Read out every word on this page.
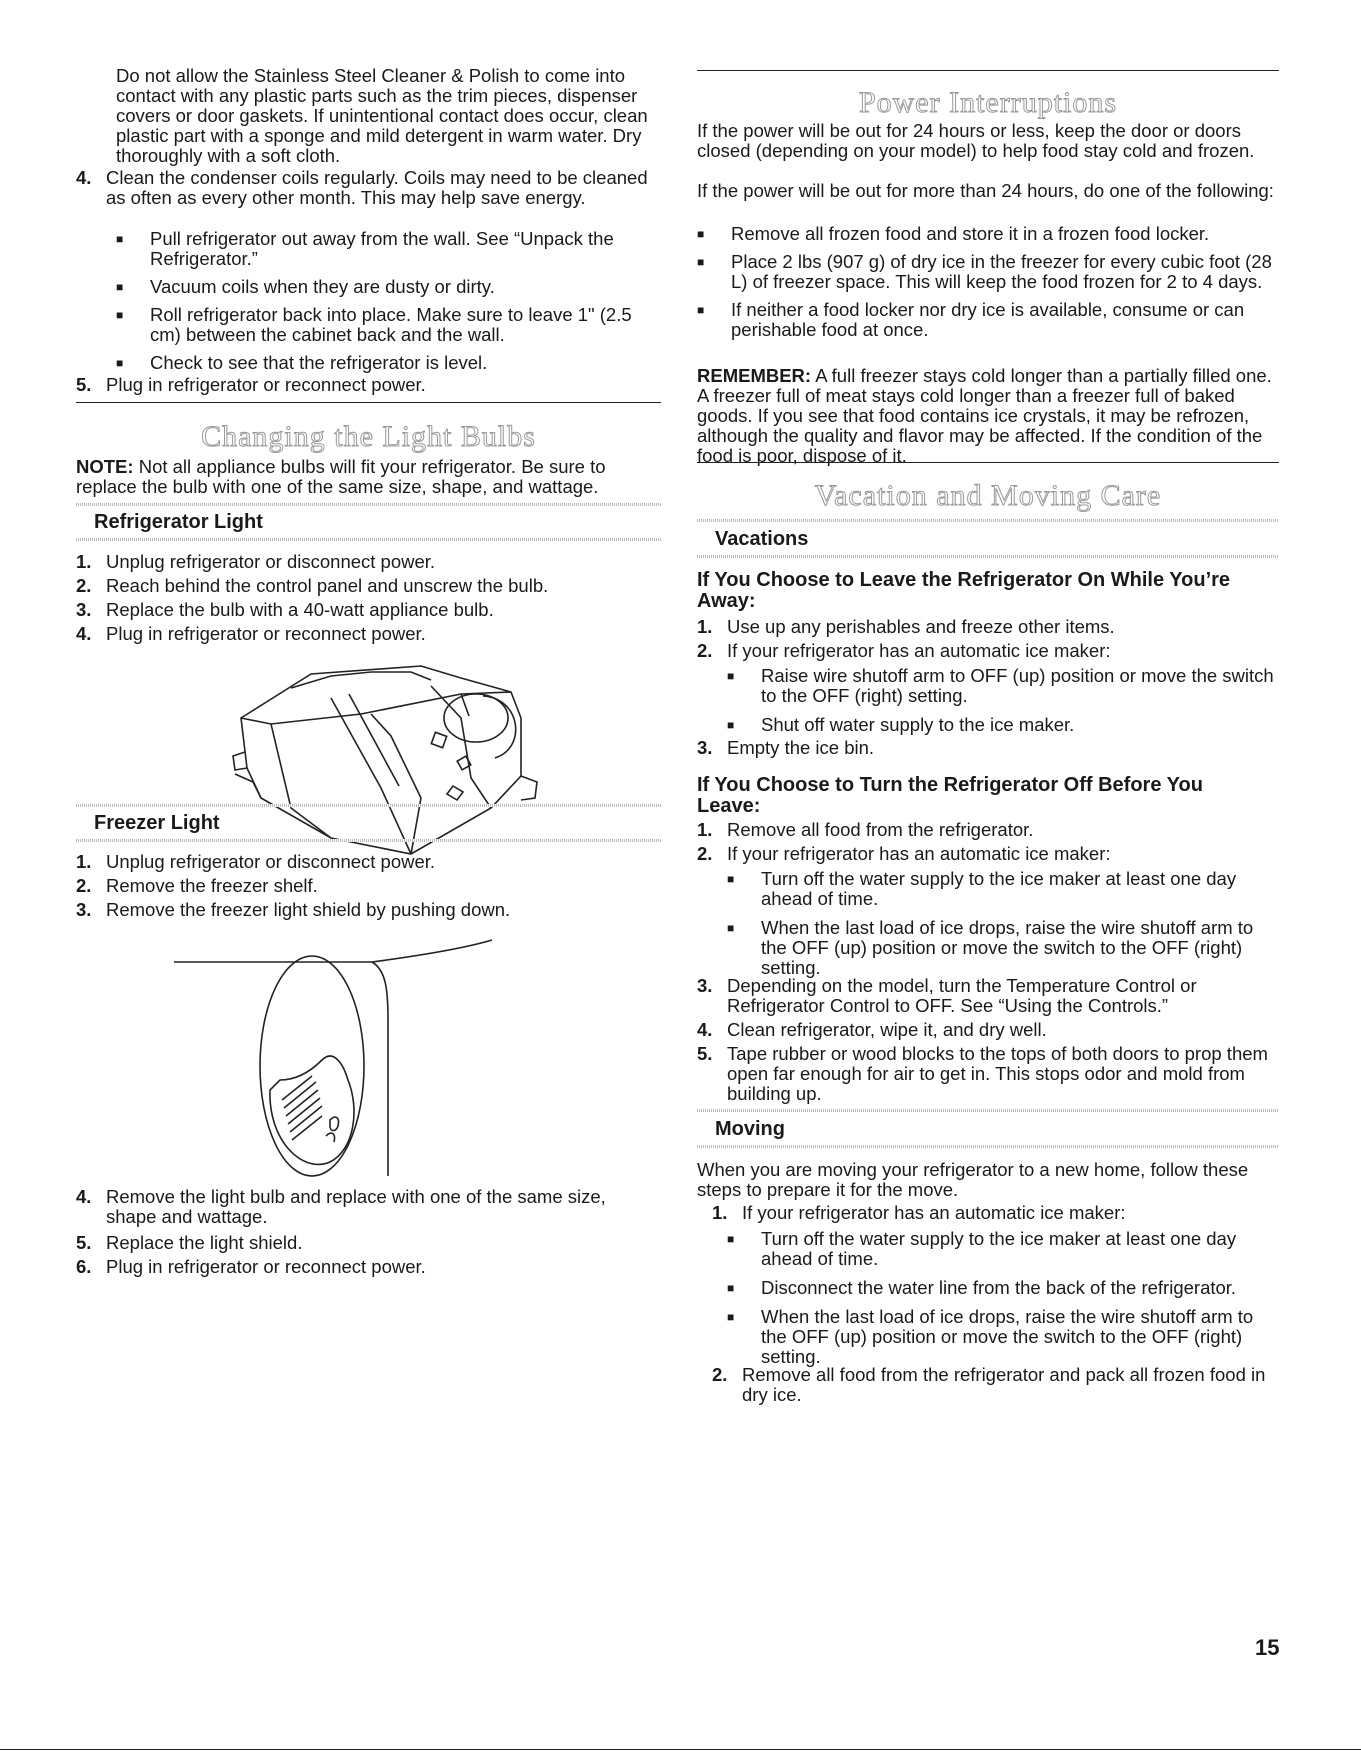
Do not allow the Stainless Steel Cleaner & Polish to come into contact with any plastic parts such as the trim pieces, dispenser covers or door gaskets. If unintentional contact does occur, clean plastic part with a sponge and mild detergent in warm water. Dry thoroughly with a soft cloth.

4. Clean the condenser coils regularly. Coils may need to be cleaned as often as every other month. This may help save energy.
■	Pull refrigerator out away from the wall. See “Unpack the Refrigerator.”
■	Vacuum coils when they are dusty or dirty.
■	Roll refrigerator back into place. Make sure to leave 1" (2.5 cm) between the cabinet back and the wall.
■	Check to see that the refrigerator is level.
5. Plug in refrigerator or reconnect power.
Changing the Light Bulbs

NOTE: Not all appliance bulbs will fit your refrigerator. Be sure to replace the bulb with one of the same size, shape, and wattage.

Refrigerator Light
1. Unplug refrigerator or disconnect power.
2. Reach behind the control panel and unscrew the bulb.
3. Replace the bulb with a 40-watt appliance bulb.
4. Plug in refrigerator or reconnect power.
Freezer Light
1. Unplug refrigerator or disconnect power.
2. Remove the freezer shelf.
3. Remove the freezer light shield by pushing down.
4. Remove the light bulb and replace with one of the same size, shape and wattage.
5. Replace the light shield.
6. Plug in refrigerator or reconnect power.
Power Interruptions

If the power will be out for 24 hours or less, keep the door or doors closed (depending on your model) to help food stay cold and frozen.

If the power will be out for more than 24 hours, do one of the following:

■	Remove all frozen food and store it in a frozen food locker.
■	Place 2 lbs (907 g) of dry ice in the freezer for every cubic foot (28 L) of freezer space. This will keep the food frozen for 2 to 4 days.
■	If neither a food locker nor dry ice is available, consume or can perishable food at once.

REMEMBER: A full freezer stays cold longer than a partially filled one. A freezer full of meat stays cold longer than a freezer full of baked goods. If you see that food contains ice crystals, it may be refrozen, although the quality and flavor may be affected. If the condition of the food is poor, dispose of it.

Vacation and Moving Care
Vacations
If You Choose to Leave the Refrigerator On While You’re Away:
1. Use up any perishables and freeze other items.
2. If your refrigerator has an automatic ice maker:
■	Raise wire shutoff arm to OFF (up) position or move the switch to the OFF (right) setting.
■	Shut off water supply to the ice maker.
3. Empty the ice bin.
If You Choose to Turn the Refrigerator Off Before You Leave:
1. Remove all food from the refrigerator.
2. If your refrigerator has an automatic ice maker:
■	Turn off the water supply to the ice maker at least one day ahead of time.
■	When the last load of ice drops, raise the wire shutoff arm to the OFF (up) position or move the switch to the OFF (right) setting.
3. Depending on the model, turn the Temperature Control or Refrigerator Control to OFF. See “Using the Controls.”
4. Clean refrigerator, wipe it, and dry well.
5. Tape rubber or wood blocks to the tops of both doors to prop them open far enough for air to get in. This stops odor and mold from building up.
Moving

When you are moving your refrigerator to a new home, follow these steps to prepare it for the move.

1. If your refrigerator has an automatic ice maker:
■	Turn off the water supply to the ice maker at least one day ahead of time.
■	Disconnect the water line from the back of the refrigerator.
■	When the last load of ice drops, raise the wire shutoff arm to the OFF (up) position or move the switch to the OFF (right) setting.
2. Remove all food from the refrigerator and pack all frozen food in dry ice.
15
